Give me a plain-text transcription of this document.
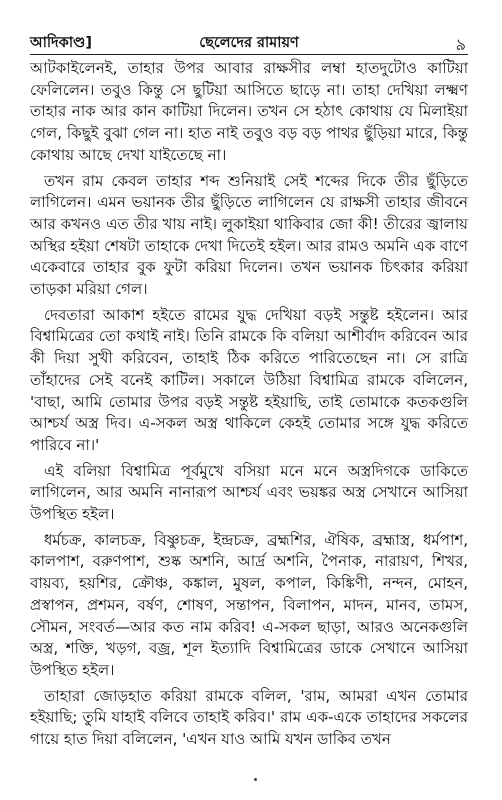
আদিকাণ্ড]	ছেলেদের রামায়ণ	৯

আটকাইলেনই, তাহার উপর আবার রাক্ষসীর লম্বা হাতদুটোও কাটিয়া ফেলিলেন। তবুও কিন্তু সে ছুটিয়া আসিতে ছাড়ে না। তাহা দেখিয়া লক্ষ্মণ তাহার নাক আর কান কাটিয়া দিলেন। তখন সে হঠাৎ কোথায় যে মিলাইয়া গেল, কিছুই বুঝা গেল না। হাত নাই তবুও বড় বড় পাথর ছুঁড়িয়া মারে, কিন্তু কোথায় আছে দেখা যাইতেছে না।

তখন রাম কেবল তাহার শব্দ শুনিয়াই সেই শব্দের দিকে তীর ছুঁড়িতে লাগিলেন। এমন ভয়ানক তীর ছুঁড়িতে লাগিলেন যে রাক্ষসী তাহার জীবনে আর কখনও এত তীর খায় নাই। লুকাইয়া থাকিবার জো কী! তীরের জ্বালায় অস্থির হইয়া শেষটা তাহাকে দেখা দিতেই হইল। আর রামও অমনি এক বাণে একেবারে তাহার বুক ফুটা করিয়া দিলেন। তখন ভয়ানক চিৎকার করিয়া তাড়কা মরিয়া গেল।

দেবতারা আকাশ হইতে রামের যুদ্ধ দেখিয়া বড়ই সন্তুষ্ট হইলেন। আর বিশ্বামিত্রের তো কথাই নাই। তিনি রামকে কি বলিয়া আশীর্বাদ করিবেন আর কী দিয়া সুখী করিবেন, তাহাই ঠিক করিতে পারিতেছেন না। সে রাত্রি তাঁহাদের সেই বনেই কাটিল। সকালে উঠিয়া বিশ্বামিত্র রামকে বলিলেন, 'বাছা, আমি তোমার উপর বড়ই সন্তুষ্ট হইয়াছি, তাই তোমাকে কতকগুলি আশ্চর্য অস্ত্র দিব। এ-সকল অস্ত্র থাকিলে কেহই তোমার সঙ্গে যুদ্ধ করিতে পারিবে না।'

এই বলিয়া বিশ্বামিত্র পূর্বমুখে বসিয়া মনে মনে অস্ত্রদিগকে ডাকিতে লাগিলেন, আর অমনি নানারূপ আশ্চর্য এবং ভয়ঙ্কর অস্ত্র সেখানে আসিয়া উপস্থিত হইল।

ধর্মচক্র, কালচক্র, বিষ্ণুচক্র, ইন্দ্রচক্র, ব্রহ্মশির, ঐষিক, ব্রহ্মাস্ত্র, ধর্মপাশ, কালপাশ, বরুণপাশ, শুষ্ক অশনি, আর্দ্র অশনি, পৈনাক, নারায়ণ, শিখর, বায়ব্য, হয়শির, ক্রৌঞ্চ, কঙ্কাল, মুষল, কপাল, কিঙ্কিণী, নন্দন, মোহন, প্রস্বাপন, প্রশমন, বর্ষণ, শোষণ, সন্তাপন, বিলাপন, মাদন, মানব, তামস, সৌমন, সংবর্ত—আর কত নাম করিব! এ-সকল ছাড়া, আরও অনেকগুলি অস্ত্র, শক্তি, খড়গ, বজ্র, শূল ইত্যাদি বিশ্বামিত্রের ডাকে সেখানে আসিয়া উপস্থিত হইল।

তাহারা জোড়হাত করিয়া রামকে বলিল, 'রাম, আমরা এখন তোমার হইয়াছি; তুমি যাহাই বলিবে তাহাই করিব।' রাম এক-একে তাহাদের সকলের গায়ে হাত দিয়া বলিলেন, 'এখন যাও আমি যখন ডাকিব তখন
